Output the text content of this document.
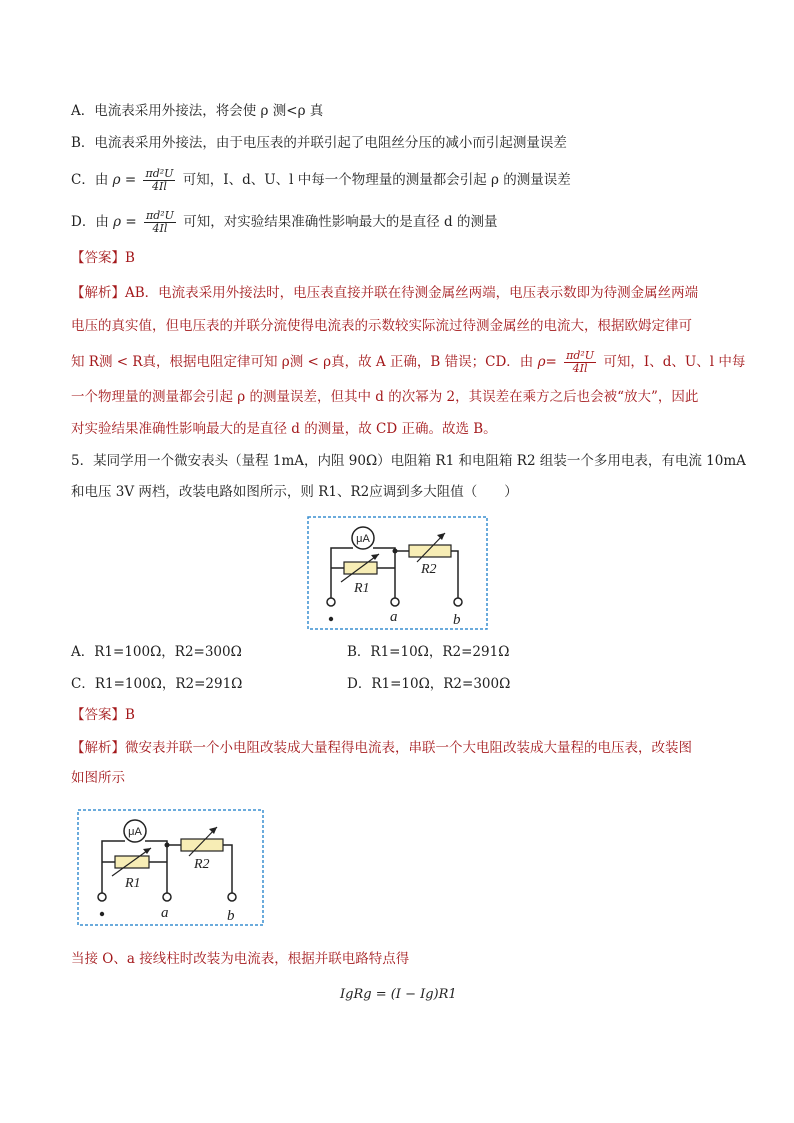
A．电流表采用外接法，将会使 ρ 测<ρ 真
B．电流表采用外接法，由于电压表的并联引起了电阻丝分压的减小而引起测量误差
C．由 $\rho = \frac{\text{πd²U}}{4Il}$ 可知，I、d、U、l 中每一个物理量的测量都会引起 ρ 的测量误差
D．由 $\rho = \frac{\text{πd²U}}{4Il}$ 可知，对实验结果准确性影响最大的是直径 d 的测量
【答案】B
【解析】AB．电流表采用外接法时，电压表直接并联在待测金属丝两端，电压表示数即为待测金属丝两端
电压的真实值，但电压表的并联分流使得电流表的示数较实际流过待测金属丝的电流大，根据欧姆定律可
知 R测 < R真，根据电阻定律可知 ρ测 < ρ真，故 A 正确，B 错误；CD．由 $\rho= \frac{\text{πd²U}}{4Il}$ 可知，I、d、U、l 中每
一个物理量的测量都会引起 ρ 的测量误差，但其中 d 的次幂为 2，其误差在乘方之后也会被“放大”，因此
对实验结果准确性影响最大的是直径 d 的测量，故 CD 正确。故选 B。
5．某同学用一个微安表头（量程 1mA，内阻 90Ω）电阻箱 R1 和电阻箱 R2 组装一个多用电表，有电流 10mA
和电压 3V 两档，改装电路如图所示，则 R1、R2应调到多大阻值（　　）
μA
R1
R2
a	b
A．R1=100Ω，R2=300Ω	B．R1=10Ω，R2=291Ω
C．R1=100Ω，R2=291Ω	D．R1=10Ω，R2=300Ω
【答案】B
【解析】微安表并联一个小电阻改装成大量程得电流表，串联一个大电阻改装成大量程的电压表，改装图
如图所示
μA
R1
R2
a	b
当接 O、a 接线柱时改装为电流表，根据并联电路特点得
IgRg = (I − Ig)R1
